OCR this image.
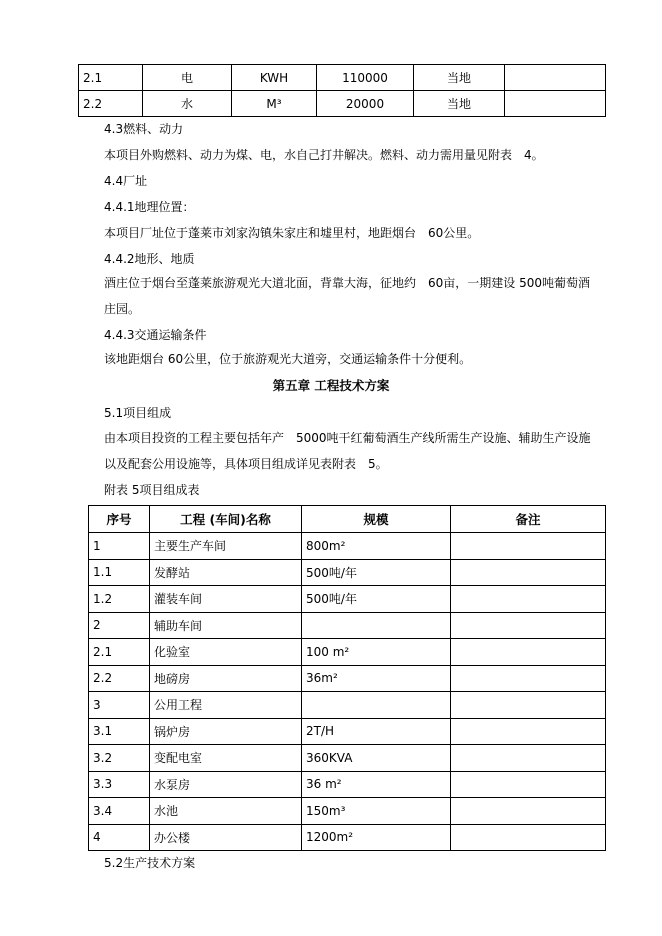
2.1	电	KWH	110000	当地	
2.2	水	M³	20000	当地	
4.3燃料、动力
本项目外购燃料、动力为煤、电，水自己打井解决。燃料、动力需用量见附表　4。
4.4厂址
4.4.1地理位置：
本项目厂址位于蓬莱市刘家沟镇朱家庄和墟里村，地距烟台　60公里。
4.4.2地形、地质
酒庄位于烟台至蓬莱旅游观光大道北面，背靠大海，征地约　60亩，一期建设 500吨葡萄酒庄园。
4.4.3交通运输条件
该地距烟台 60公里，位于旅游观光大道旁，交通运输条件十分便利。
第五章 工程技术方案
5.1项目组成
由本项目投资的工程主要包括年产　5000吨干红葡萄酒生产线所需生产设施、辅助生产设施以及配套公用设施等，具体项目组成详见表附表　5。
附表 5项目组成表
序号	工程 (车间)名称	规模	备注
1	主要生产车间	800m²	
1.1	发酵站	500吨/年	
1.2	灌装车间	500吨/年	
2	辅助车间		
2.1	化验室	100 m²	
2.2	地磅房	36m²	
3	公用工程		
3.1	锅炉房	2T/H	
3.2	变配电室	360KVA	
3.3	水泵房	36 m²	
3.4	水池	150m³	
4	办公楼	1200m²	
5.2生产技术方案
